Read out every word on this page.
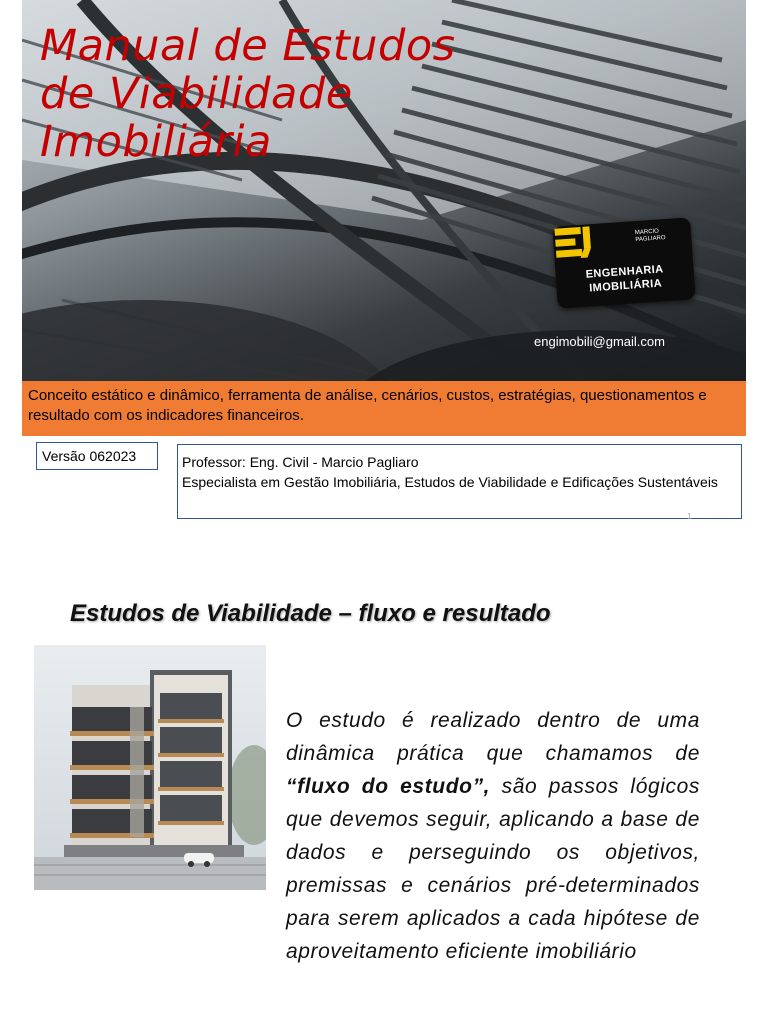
Manual de Estudos
de Viabilidade
Imobiliária
MARCIO
PAGLIARO
ENGENHARIA
IMOBILIÁRIA
engimobili@gmail.com

Conceito estático e dinâmico, ferramenta de análise, cenários, custos, estratégias, questionamentos e resultado com os indicadores financeiros.

Versão 062023	Professor: Eng. Civil - Marcio Pagliaro
Especialista em Gestão Imobiliária, Estudos de Viabilidade e Edificações Sustentáveis
1
Estudos de Viabilidade – fluxo e resultado

O estudo é realizado dentro de uma dinâmica prática que chamamos de “fluxo do estudo”, são passos lógicos que devemos seguir, aplicando a base de dados e perseguindo os objetivos, premissas e cenários pré-determinados para serem aplicados a cada hipótese de aproveitamento eficiente imobiliário
